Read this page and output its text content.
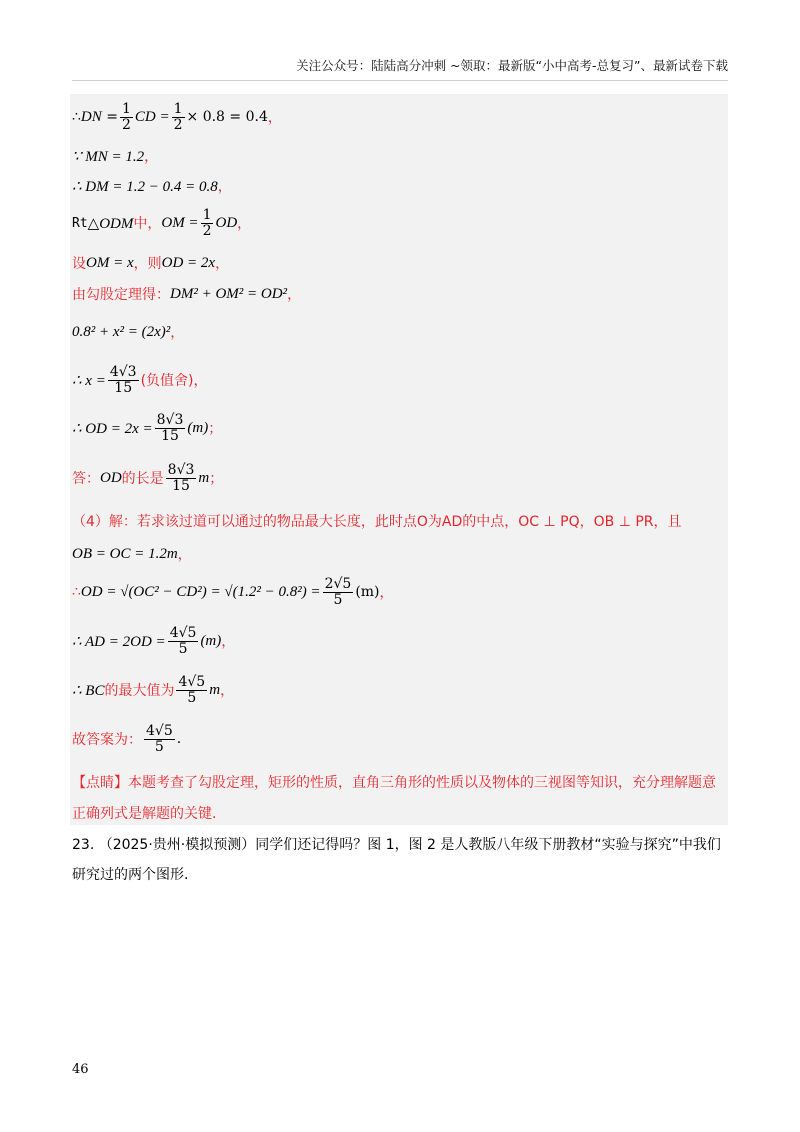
关注公众号：陆陆高分冲刺 ~领取：最新版“小中高考-总复习”、最新试卷下载
∴ DN = $\frac{1}{2}$ CD = $\frac{1}{2} \times 0.8 = 0.4$ ，
∵ MN = 1.2 ，
∴ DM = 1.2 − 0.4 = 0.8 ，
Rt △ODM 中， OM = $\frac{1}{2}$ OD ，
设 OM = x ，则 OD = 2x ，
由勾股定理得： DM² + OM² = OD² ，
0.8² + x² = (2x)² ，
∴ $x = \frac{4√3}{15}$ (负值舍) ，
∴ OD = $2x = \frac{8√3}{15} (m)$ ；
答： OD 的长是 $\frac{8√3}{15}$ m ；
（4）解：若求该过道可以通过的物品最大长度，此时点O为AD的中点，OC ⊥ PQ，OB ⊥ PR，且
OB = OC = 1.2m ，
∴ OD = $√(OC^2 - CD^2) = √(1.2^2 - 0.8^2) = \frac{2√5}{5} (m)$ ，
∴ AD = $2OD = \frac{4√5}{5} (m)$ ，
∴ BC 的最大值为 $\frac{4√5}{5}$ m ，
故答案为： $\frac{4√5}{5}$ .
【点睛】本题考查了勾股定理，矩形的性质，直角三角形的性质以及物体的三视图等知识，充分理解题意正确列式是解题的关键.
23. （2025·贵州·模拟预测）同学们还记得吗？图 1，图 2 是人教版八年级下册教材“实验与探究”中我们研究过的两个图形.
46
